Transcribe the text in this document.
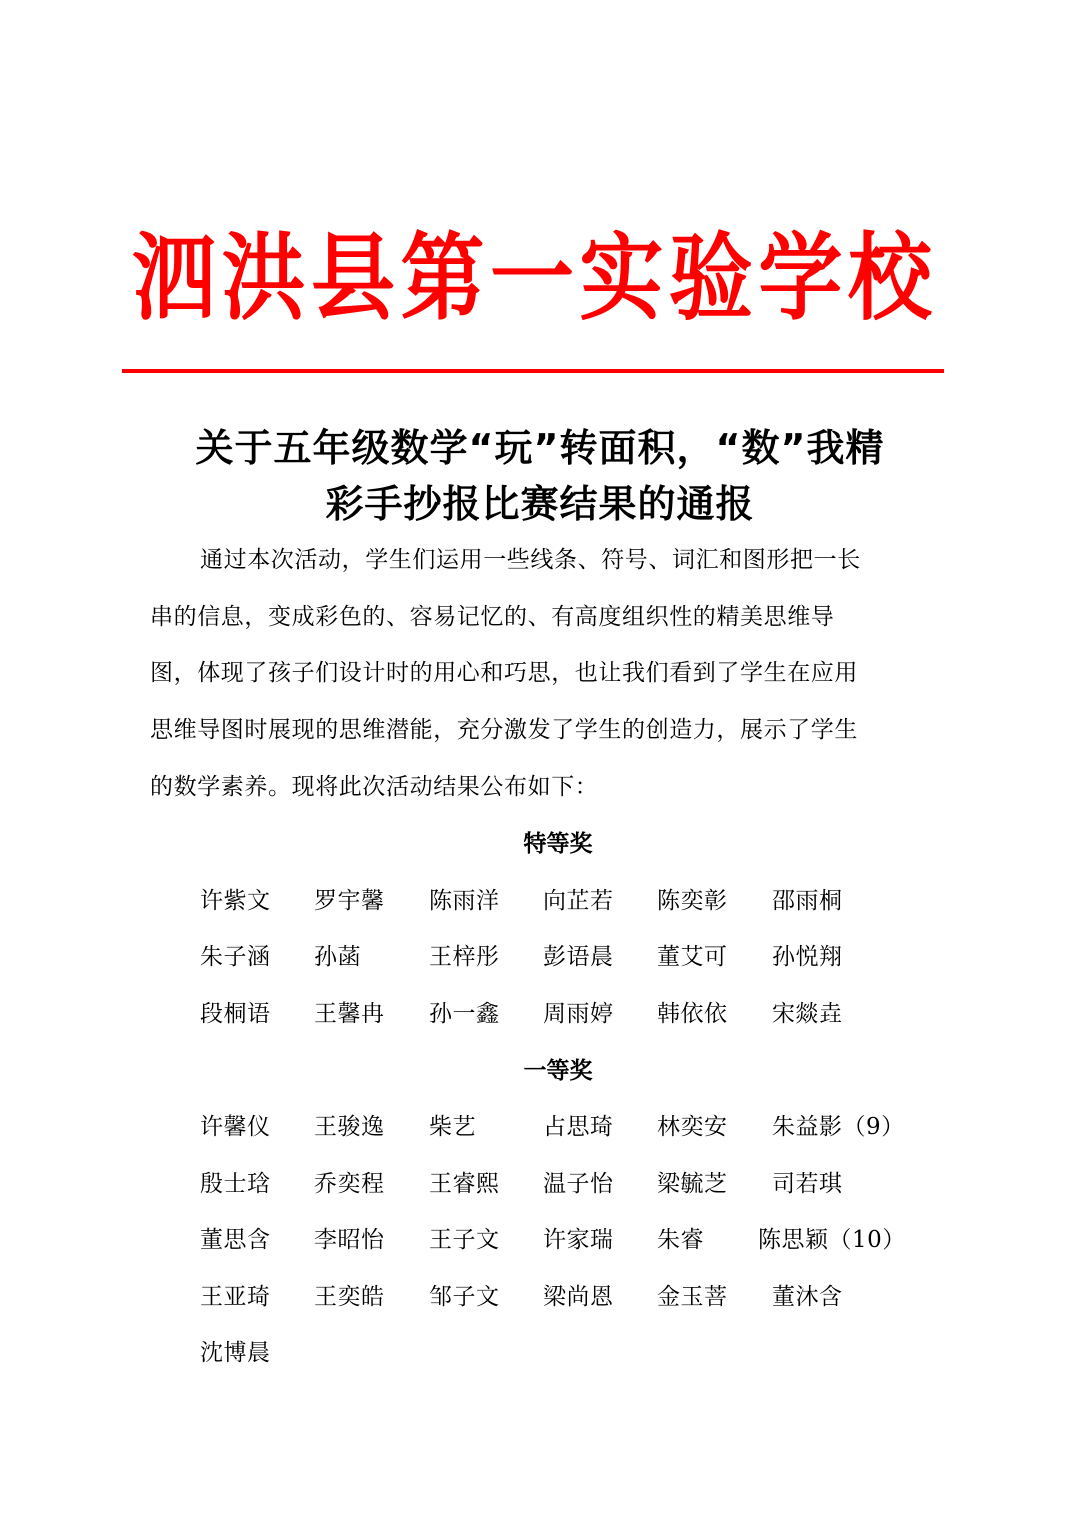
泗 洪 县 第 一 实 验 学 校
关于五年级数学“玩”转面积，“数”我精
彩手抄报比赛结果的通报
通过本次活动，学生们运用一些线条、符号、词汇和图形把一长
串的信息，变成彩色的、容易记忆的、有高度组织性的精美思维导
图，体现了孩子们设计时的用心和巧思，也让我们看到了学生在应用
思维导图时展现的思维潜能，充分激发了学生的创造力，展示了学生
的数学素养。现将此次活动结果公布如下：
特等奖
许紫文 罗宇馨 陈雨洋 向芷若 陈奕彰 邵雨桐
朱子涵 孙菡	王梓彤 彭语晨 董艾可 孙悦翔
段桐语 王馨冉 孙一鑫 周雨婷 韩依依 宋燚垚
一等奖
许馨仪 王骏逸 柴艺	占思琦 林奕安 朱益影（9）
殷士琀 乔奕程 王睿熙 温子怡 梁毓芝 司若琪
董思含 李昭怡 王子文 许家瑞 朱睿 陈思颖（10）
王亚琦 王奕皓 邹子文 梁尚恩 金玉菩 董沐含
沈博晨
